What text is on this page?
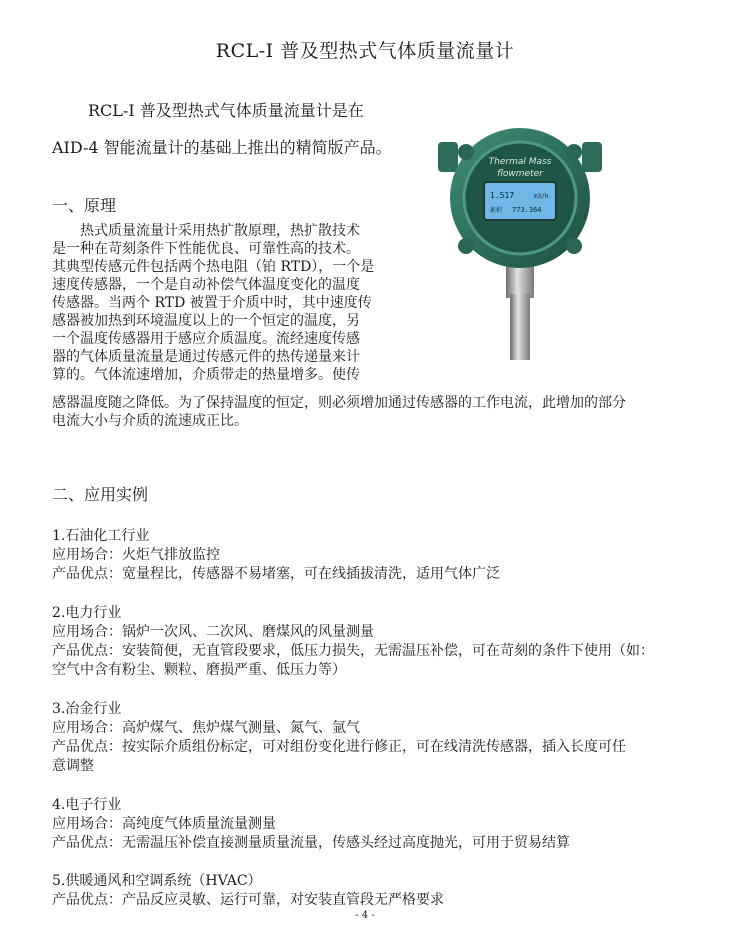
RCL-I 普及型热式气体质量流量计
RCL-I 普及型热式气体质量流量计是在
AID-4 智能流量计的基础上推出的精简版产品。
一、原理
　　热式质量流量计采用热扩散原理，热扩散技术
是一种在苛刻条件下性能优良、可靠性高的技术。
其典型传感元件包括两个热电阻（铂 RTD），一个是
速度传感器，一个是自动补偿气体温度变化的温度
传感器。当两个 RTD 被置于介质中时，其中速度传
感器被加热到环境温度以上的一个恒定的温度，另
一个温度传感器用于感应介质温度。流经速度传感
器的气体质量流量是通过传感元件的热传递量来计
算的。气体流速增加，介质带走的热量增多。使传
感器温度随之降低。为了保持温度的恒定，则必须增加通过传感器的工作电流，此增加的部分
电流大小与介质的流速成正比。
Thermal Mass
flowmeter
1.517	m3/h
累积 773.364
二、应用实例
1.石油化工行业
应用场合：火炬气排放监控
产品优点：宽量程比，传感器不易堵塞，可在线插拔清洗，适用气体广泛
2.电力行业
应用场合：锅炉一次风、二次风、磨煤风的风量测量
产品优点：安装简便，无直管段要求，低压力损失，无需温压补偿，可在苛刻的条件下使用（如：
空气中含有粉尘、颗粒、磨损严重、低压力等）
3.冶金行业
应用场合：高炉煤气、焦炉煤气测量、氮气、氩气
产品优点：按实际介质组份标定，可对组份变化进行修正，可在线清洗传感器，插入长度可任
意调整
4.电子行业
应用场合：高纯度气体质量流量测量
产品优点：无需温压补偿直接测量质量流量，传感头经过高度抛光，可用于贸易结算
5.供暖通风和空调系统（HVAC）
产品优点：产品反应灵敏、运行可靠，对安装直管段无严格要求
- 4 -
